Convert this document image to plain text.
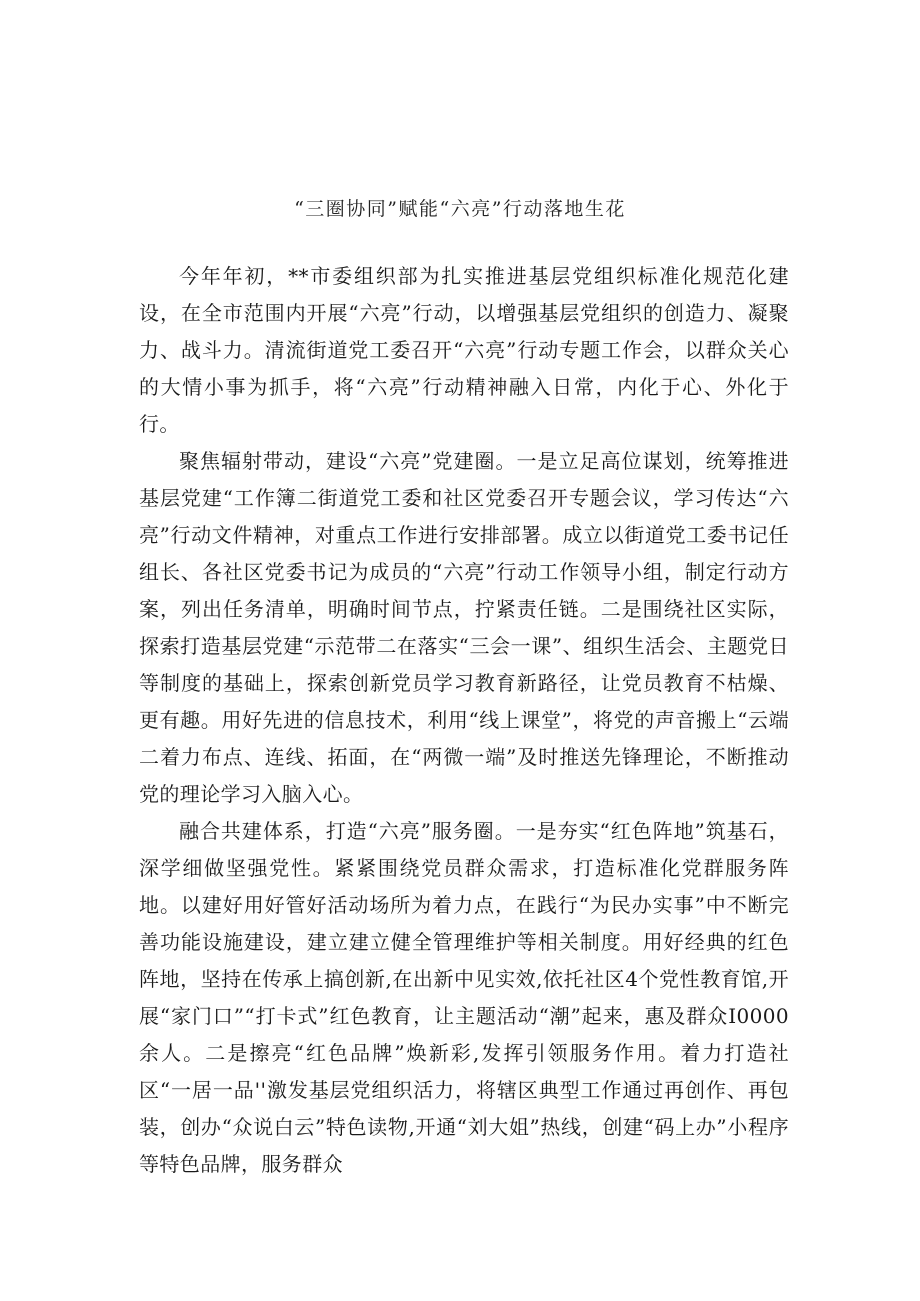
“三圈协同”赋能“六亮”行动落地生花

今年年初，**市委组织部为扎实推进基层党组织标准化规范化建设，在全市范围内开展“六亮”行动，以增强基层党组织的创造力、凝聚力、战斗力。清流街道党工委召开“六亮”行动专题工作会，以群众关心的大情小事为抓手，将“六亮”行动精神融入日常，内化于心、外化于行。

聚焦辐射带动，建设“六亮”党建圈。一是立足高位谋划，统筹推进基层党建“工作簿二街道党工委和社区党委召开专题会议，学习传达“六亮”行动文件精神，对重点工作进行安排部署。成立以街道党工委书记任组长、各社区党委书记为成员的“六亮”行动工作领导小组，制定行动方案，列出任务清单，明确时间节点，拧紧责任链。二是围绕社区实际，探索打造基层党建“示范带二在落实“三会一课”、组织生活会、主题党日等制度的基础上，探索创新党员学习教育新路径，让党员教育不枯燥、更有趣。用好先进的信息技术，利用“线上课堂”，将党的声音搬上“云端二着力布点、连线、拓面，在“两微一端”及时推送先锋理论，不断推动党的理论学习入脑入心。

融合共建体系，打造“六亮”服务圈。一是夯实“红色阵地”筑基石，深学细做坚强党性。紧紧围绕党员群众需求，打造标准化党群服务阵地。以建好用好管好活动场所为着力点，在践行“为民办实事”中不断完善功能设施建设，建立建立健全管理维护等相关制度。用好经典的红色阵地，坚持在传承上搞创新,在出新中见实效,依托社区4个党性教育馆,开展“家门口”“打卡式”红色教育，让主题活动“潮”起来，惠及群众I0000余人。二是擦亮“红色品牌”焕新彩,发挥引领服务作用。着力打造社区“一居一品''激发基层党组织活力，将辖区典型工作通过再创作、再包装，创办“众说白云”特色读物,开通“刘大姐”热线，创建“码上办”小程序等特色品牌，服务群众
